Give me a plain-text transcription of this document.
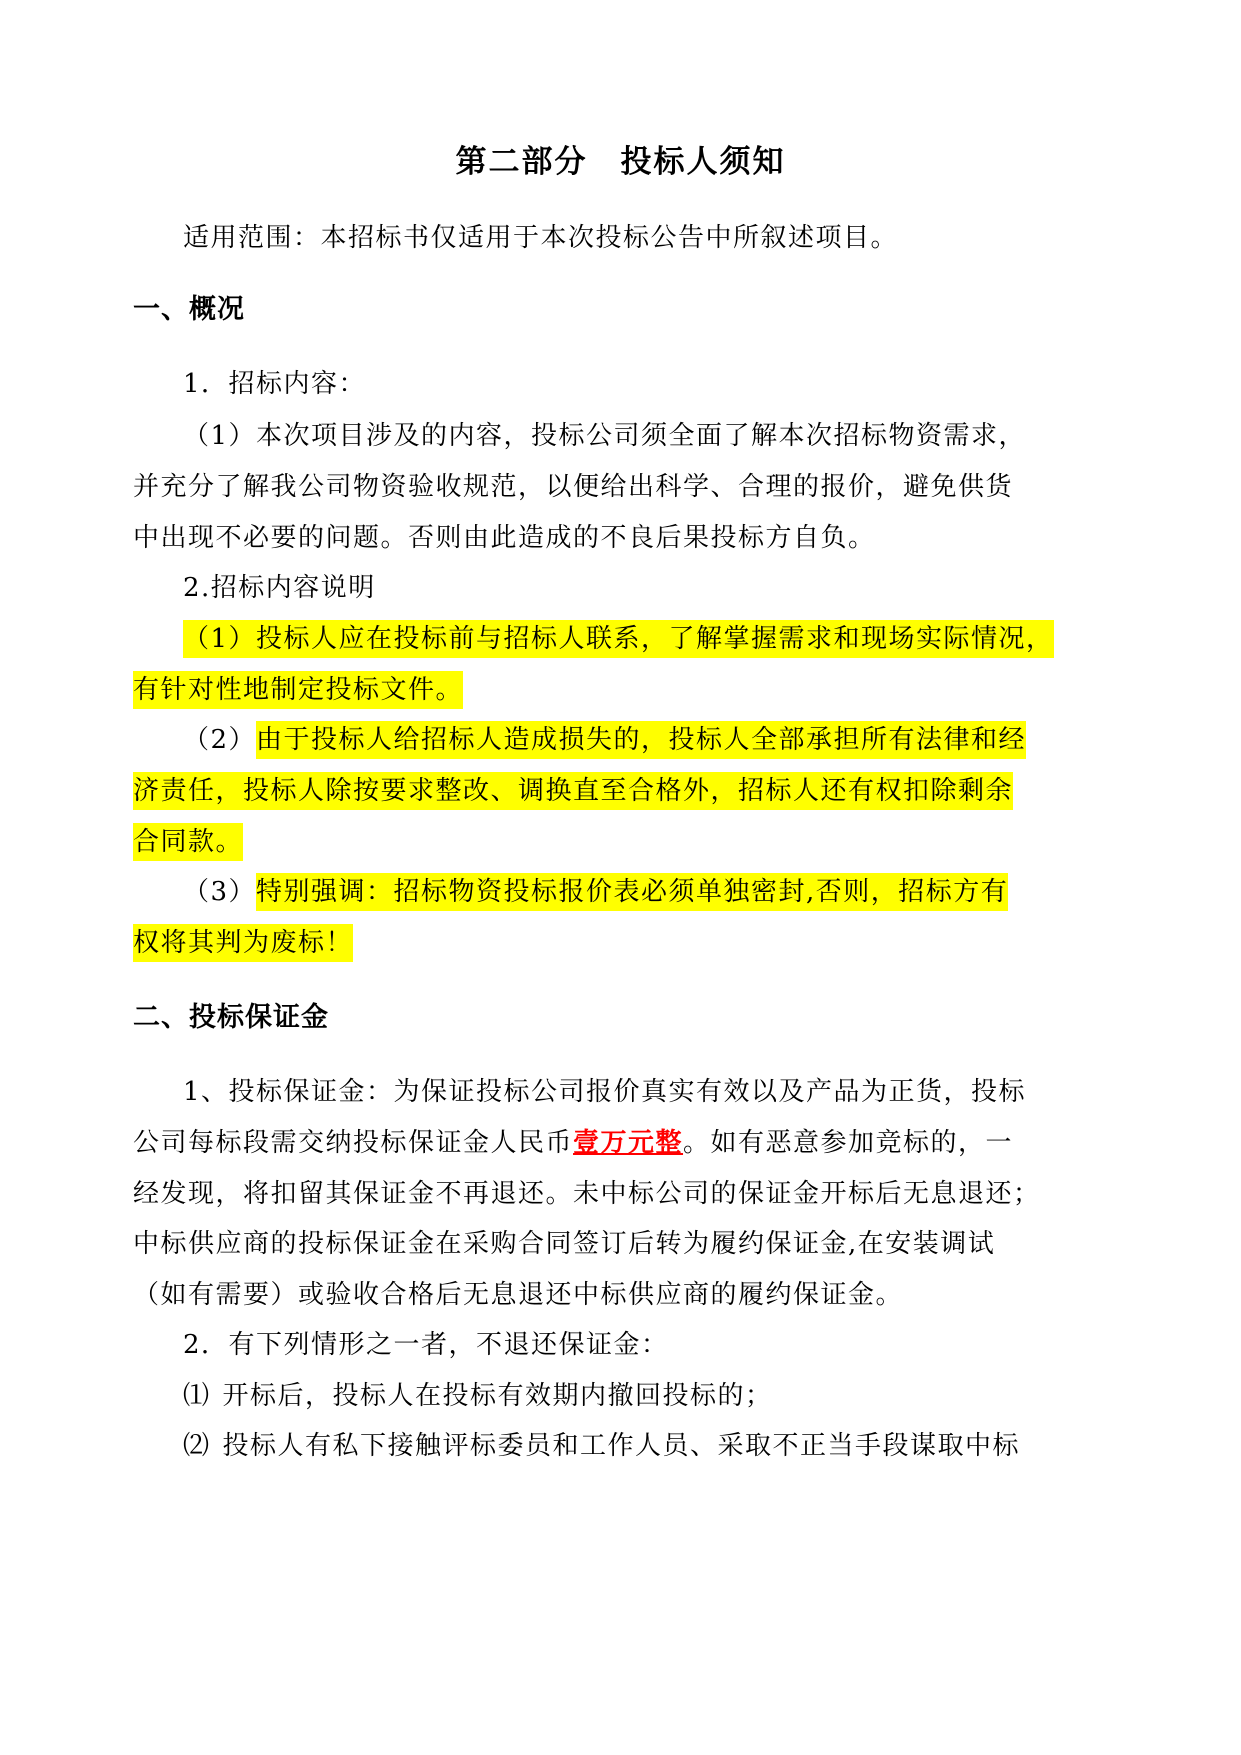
第二部分　投标人须知

适用范围：本招标书仅适用于本次投标公告中所叙述项目。

一、概况

1．招标内容：

（1）本次项目涉及的内容，投标公司须全面了解本次招标物资需求，

并充分了解我公司物资验收规范，以便给出科学、合理的报价，避免供货

中出现不必要的问题。否则由此造成的不良后果投标方自负。

2.招标内容说明

（1）投标人应在投标前与招标人联系，了解掌握需求和现场实际情况，

有针对性地制定投标文件。

（2）由于投标人给招标人造成损失的，投标人全部承担所有法律和经

济责任，投标人除按要求整改、调换直至合格外，招标人还有权扣除剩余

合同款。

（3）特别强调：招标物资投标报价表必须单独密封,否则，招标方有

权将其判为废标！

二、投标保证金

1、投标保证金：为保证投标公司报价真实有效以及产品为正货，投标

公司每标段需交纳投标保证金人民币壹万元整。如有恶意参加竞标的，一

经发现，将扣留其保证金不再退还。未中标公司的保证金开标后无息退还；

中标供应商的投标保证金在采购合同签订后转为履约保证金,在安装调试

（如有需要）或验收合格后无息退还中标供应商的履约保证金。

2．有下列情形之一者，不退还保证金：

⑴ 开标后，投标人在投标有效期内撤回投标的；

⑵ 投标人有私下接触评标委员和工作人员、采取不正当手段谋取中标
